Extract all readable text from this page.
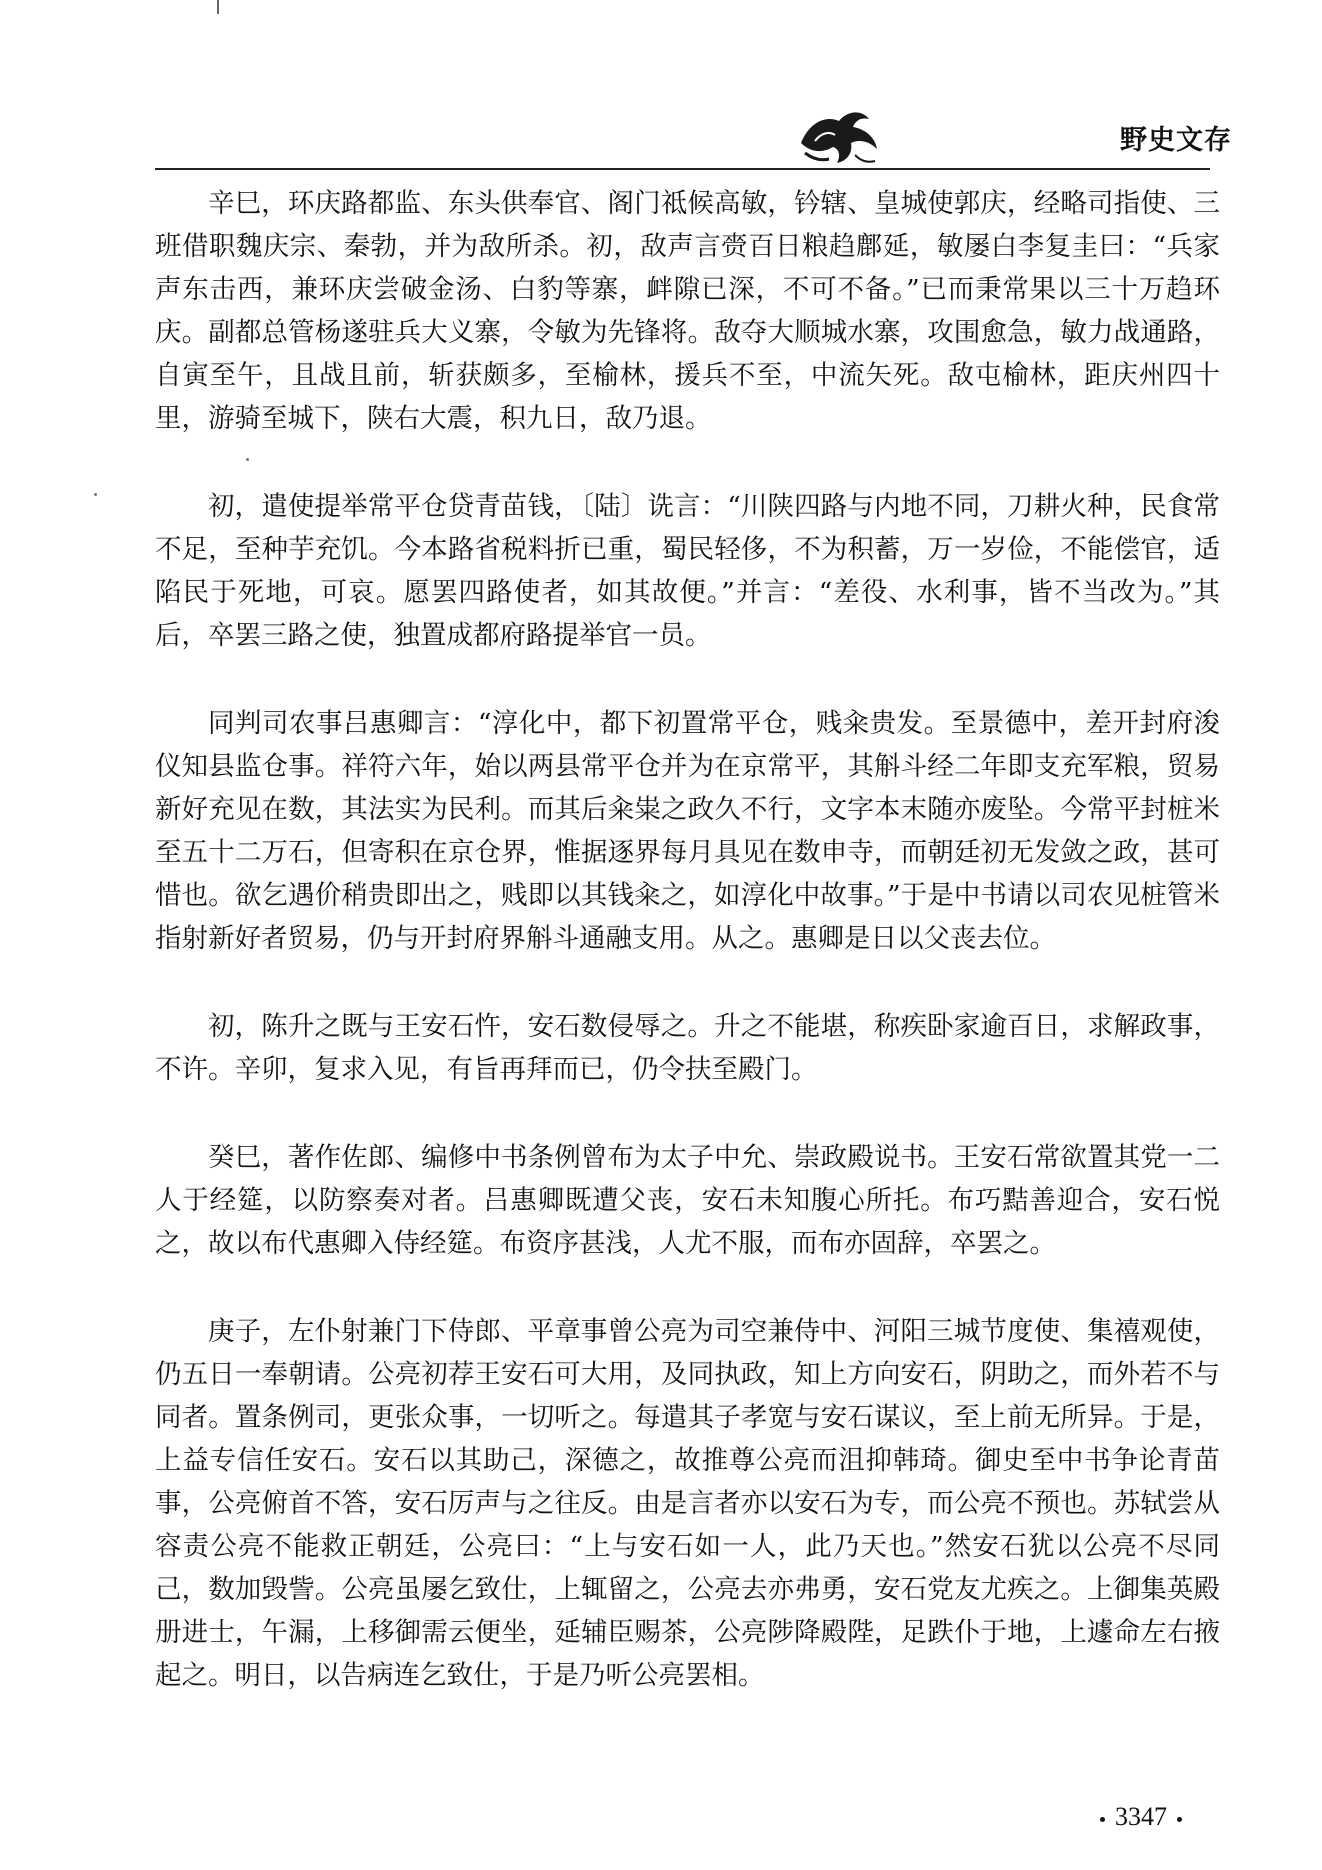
野史文存

辛巳，环庆路都监、东头供奉官、阁门祗候高敏，钤辖、皇城使郭庆，经略司指使、三班借职魏庆宗、秦勃，并为敌所杀。初，敌声言赍百日粮趋鄜延，敏屡白李复圭曰：“兵家声东击西，兼环庆尝破金汤、白豹等寨，衅隙已深，不可不备。”已而秉常果以三十万趋环庆。副都总管杨遂驻兵大义寨，令敏为先锋将。敌夺大顺城水寨，攻围愈急，敏力战通路，自寅至午，且战且前，斩获颇多，至榆林，援兵不至，中流矢死。敌屯榆林，距庆州四十里，游骑至城下，陕右大震，积九日，敌乃退。

初，遣使提举常平仓贷青苗钱，〔陆〕诜言：“川陕四路与内地不同，刀耕火种，民食常不足，至种芋充饥。今本路省税料折已重，蜀民轻侈，不为积蓄，万一岁俭，不能偿官，适陷民于死地，可哀。愿罢四路使者，如其故便。”并言：“差役、水利事，皆不当改为。”其后，卒罢三路之使，独置成都府路提举官一员。

同判司农事吕惠卿言：“淳化中，都下初置常平仓，贱籴贵发。至景德中，差开封府浚仪知县监仓事。祥符六年，始以两县常平仓并为在京常平，其斛斗经二年即支充军粮，贸易新好充见在数，其法实为民利。而其后籴粜之政久不行，文字本末随亦废坠。今常平封桩米至五十二万石，但寄积在京仓界，惟据逐界每月具见在数申寺，而朝廷初无发敛之政，甚可惜也。欲乞遇价稍贵即出之，贱即以其钱籴之，如淳化中故事。”于是中书请以司农见桩管米指射新好者贸易，仍与开封府界斛斗通融支用。从之。惠卿是日以父丧去位。

初，陈升之既与王安石忤，安石数侵辱之。升之不能堪，称疾卧家逾百日，求解政事，不许。辛卯，复求入见，有旨再拜而已，仍令扶至殿门。

癸巳，著作佐郎、编修中书条例曾布为太子中允、崇政殿说书。王安石常欲置其党一二人于经筵，以防察奏对者。吕惠卿既遭父丧，安石未知腹心所托。布巧黠善迎合，安石悦之，故以布代惠卿入侍经筵。布资序甚浅，人尤不服，而布亦固辞，卒罢之。

庚子，左仆射兼门下侍郎、平章事曾公亮为司空兼侍中、河阳三城节度使、集禧观使，仍五日一奉朝请。公亮初荐王安石可大用，及同执政，知上方向安石，阴助之，而外若不与同者。置条例司，更张众事，一切听之。每遣其子孝宽与安石谋议，至上前无所异。于是，上益专信任安石。安石以其助己，深德之，故推尊公亮而沮抑韩琦。御史至中书争论青苗事，公亮俯首不答，安石厉声与之往反。由是言者亦以安石为专，而公亮不预也。苏轼尝从容责公亮不能救正朝廷，公亮曰：“上与安石如一人，此乃天也。”然安石犹以公亮不尽同己，数加毁訾。公亮虽屡乞致仕，上辄留之，公亮去亦弗勇，安石党友尤疾之。上御集英殿册进士，午漏，上移御需云便坐，延辅臣赐茶，公亮陟降殿陛，足跌仆于地，上遽命左右掖起之。明日，以告病连乞致仕，于是乃听公亮罢相。

3347
